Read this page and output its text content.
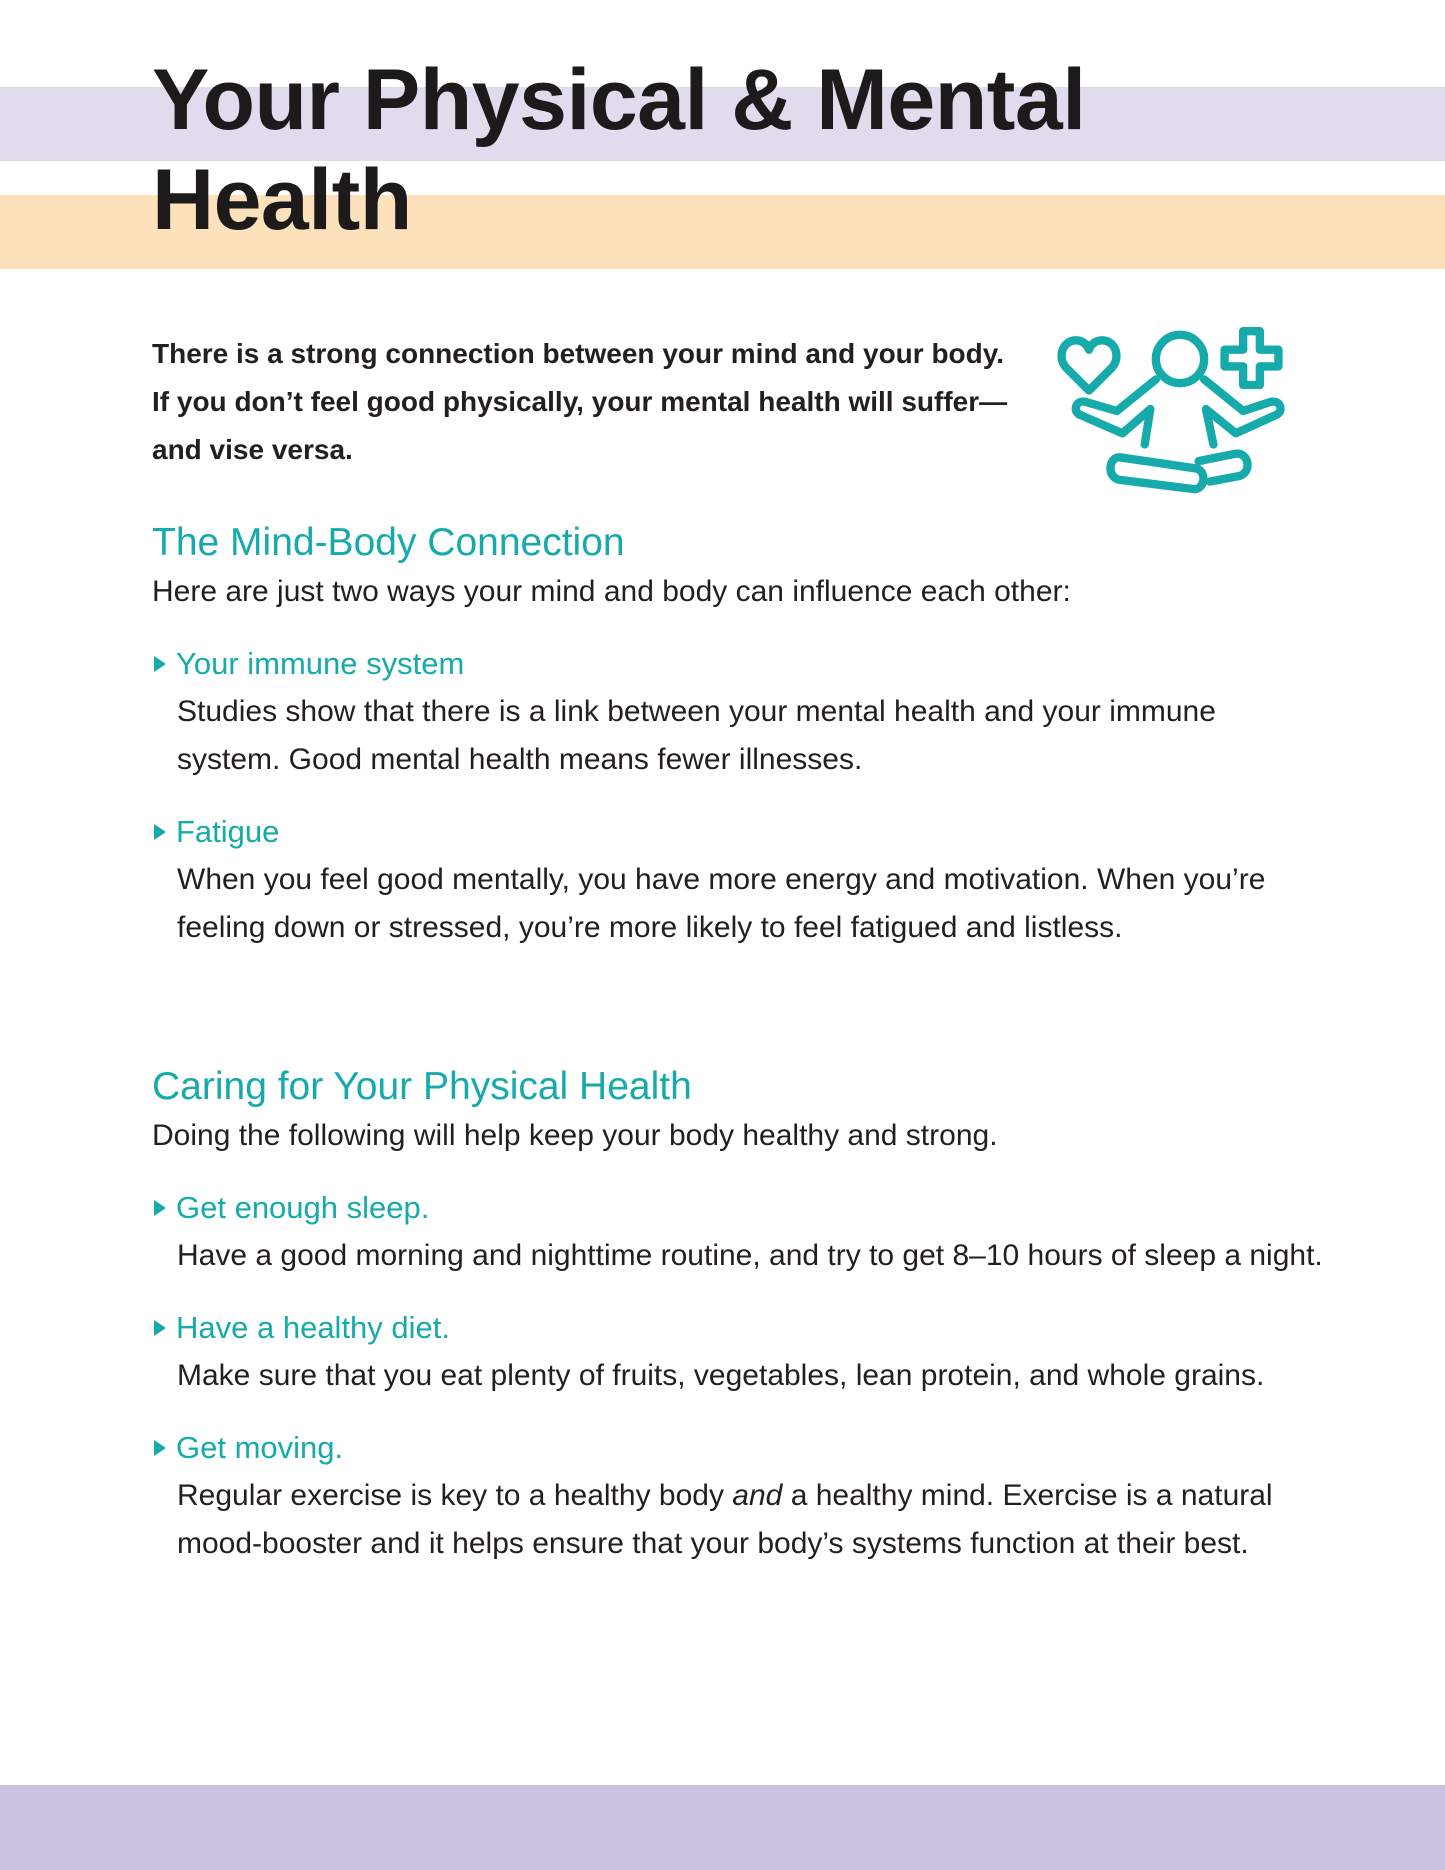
Your Physical & Mental Health

There is a strong connection between your mind and your body. If you don’t feel good physically, your mental health will suffer—and vise versa.

The Mind-Body Connection

Here are just two ways your mind and body can influence each other:

Your immune system

Studies show that there is a link between your mental health and your immune system. Good mental health means fewer illnesses.

Fatigue

When you feel good mentally, you have more energy and motivation. When you’re feeling down or stressed, you’re more likely to feel fatigued and listless.

Caring for Your Physical Health

Doing the following will help keep your body healthy and strong.

Get enough sleep.

Have a good morning and nighttime routine, and try to get 8–10 hours of sleep a night.

Have a healthy diet.

Make sure that you eat plenty of fruits, vegetables, lean protein, and whole grains.

Get moving.

Regular exercise is key to a healthy body and a healthy mind. Exercise is a natural mood-booster and it helps ensure that your body’s systems function at their best.
